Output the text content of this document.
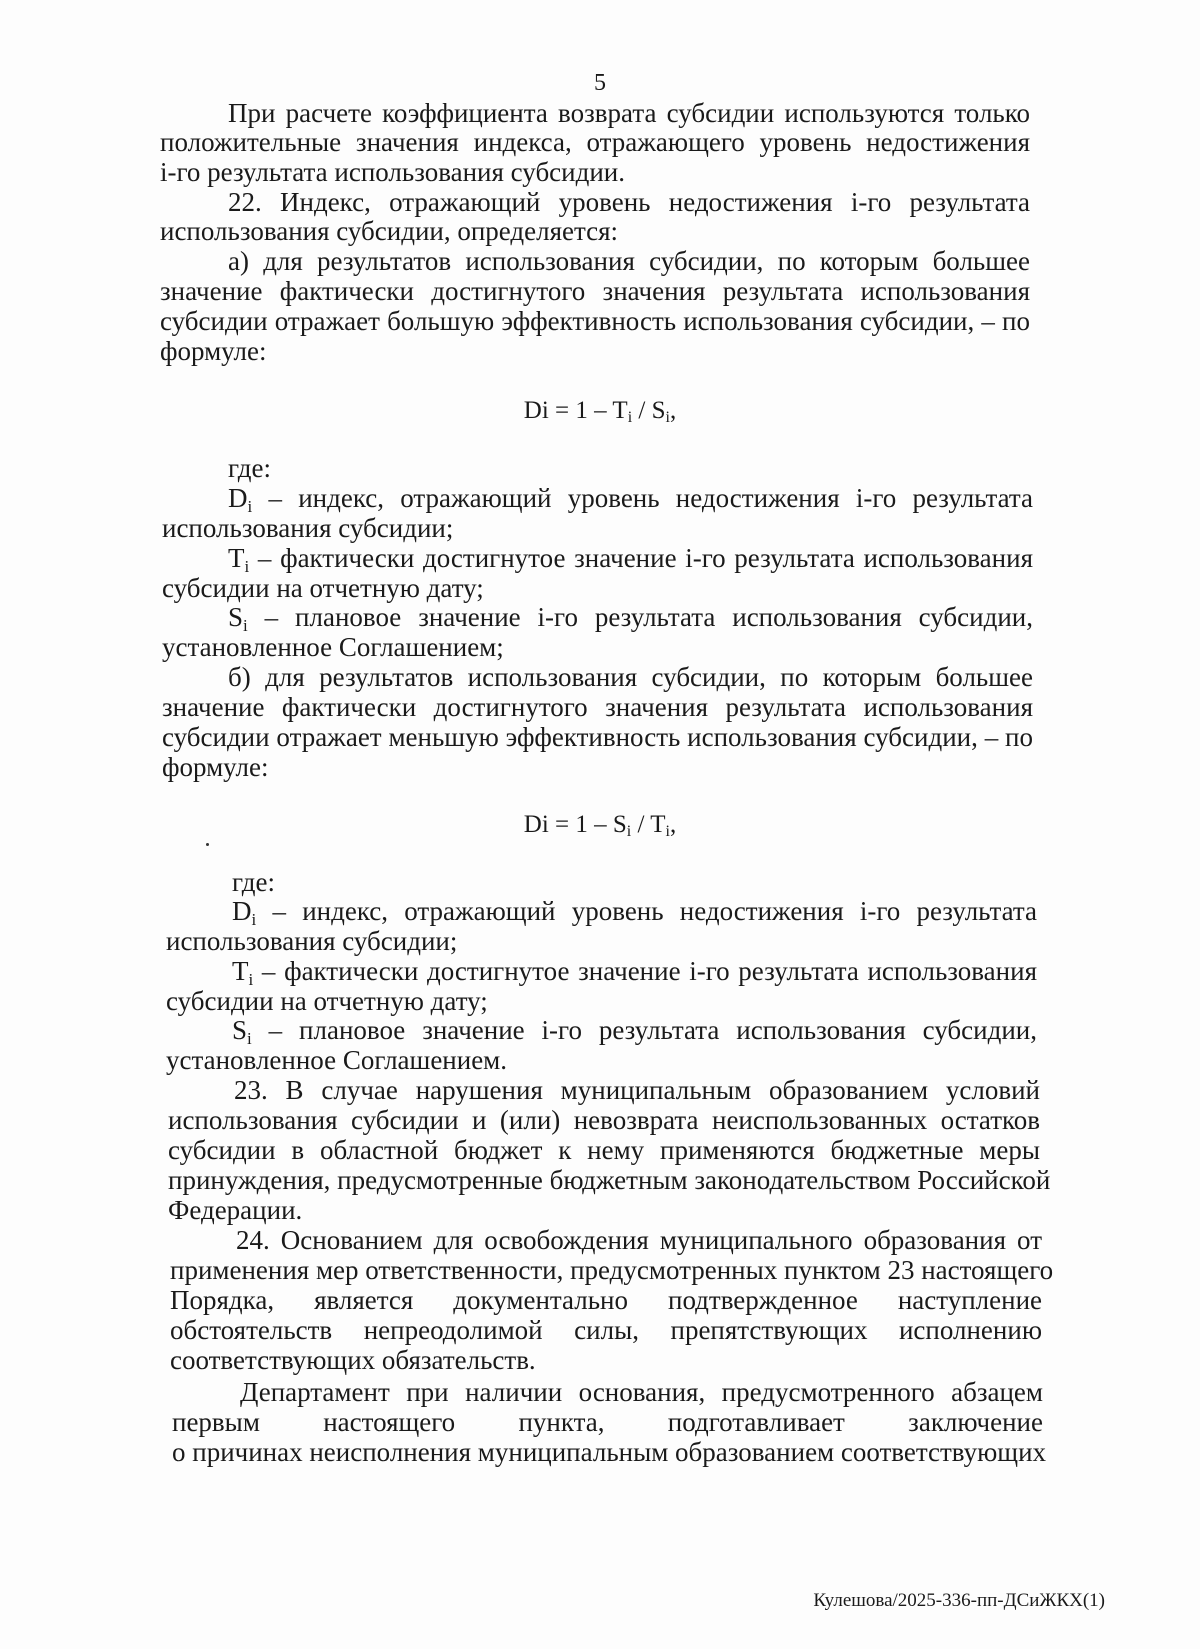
5
При расчете коэффициента возврата субсидии используются только
положительные значения индекса, отражающего уровень недостижения
i-го результата использования субсидии.
22. Индекс, отражающий уровень недостижения i-го результата
использования субсидии, определяется:
а) для результатов использования субсидии, по которым большее
значение фактически достигнутого значения результата использования
субсидии отражает большую эффективность использования субсидии, – по
формуле:
$Di = 1 - T_i / S_i$,
где:
$D_i$ – индекс, отражающий уровень недостижения i-го результата
использования субсидии;
$T_i$ – фактически достигнутое значение i-го результата использования
субсидии на отчетную дату;
$S_i$ – плановое значение i-го результата использования субсидии,
установленное Соглашением;
б) для результатов использования субсидии, по которым большее
значение фактически достигнутого значения результата использования
субсидии отражает меньшую эффективность использования субсидии, – по
формуле:
$Di = 1 - S_i / T_i$,
где:
$D_i$ – индекс, отражающий уровень недостижения i-го результата
использования субсидии;
$T_i$ – фактически достигнутое значение i-го результата использования
субсидии на отчетную дату;
$S_i$ – плановое значение i-го результата использования субсидии,
установленное Соглашением.
23. В случае нарушения муниципальным образованием условий
использования субсидии и (или) невозврата неиспользованных остатков
субсидии в областной бюджет к нему применяются бюджетные меры
принуждения, предусмотренные бюджетным законодательством Российской
Федерации.
24. Основанием для освобождения муниципального образования от
применения мер ответственности, предусмотренных пунктом 23 настоящего
Порядка, является документально подтвержденное наступление
обстоятельств непреодолимой силы, препятствующих исполнению
соответствующих обязательств.
Департамент при наличии основания, предусмотренного абзацем
первым настоящего пункта, подготавливает заключение
о причинах неисполнения муниципальным образованием соответствующих
Кулешова/2025-336-пп-ДСиЖКХ(1)
